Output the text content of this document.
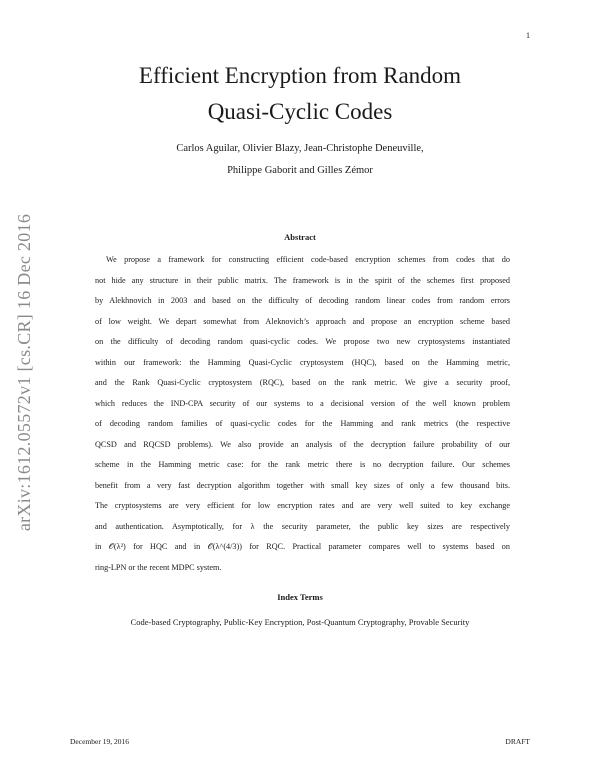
1
arXiv:1612.05572v1 [cs.CR] 16 Dec 2016
Efficient Encryption from Random
Quasi-Cyclic Codes
Carlos Aguilar, Olivier Blazy, Jean-Christophe Deneuville,
Philippe Gaborit and Gilles Zémor
Abstract
We propose a framework for constructing efficient code-based encryption schemes from codes that do
not hide any structure in their public matrix. The framework is in the spirit of the schemes first proposed
by Alekhnovich in 2003 and based on the difficulty of decoding random linear codes from random errors
of low weight. We depart somewhat from Aleknovich’s approach and propose an encryption scheme based
on the difficulty of decoding random quasi-cyclic codes. We propose two new cryptosystems instantiated
within our framework: the Hamming Quasi-Cyclic cryptosystem (HQC), based on the Hamming metric,
and the Rank Quasi-Cyclic cryptosystem (RQC), based on the rank metric. We give a security proof,
which reduces the IND-CPA security of our systems to a decisional version of the well known problem
of decoding random families of quasi-cyclic codes for the Hamming and rank metrics (the respective
QCSD and RQCSD problems). We also provide an analysis of the decryption failure probability of our
scheme in the Hamming metric case: for the rank metric there is no decryption failure. Our schemes
benefit from a very fast decryption algorithm together with small key sizes of only a few thousand bits.
The cryptosystems are very efficient for low encryption rates and are very well suited to key exchange
and authentication. Asymptotically, for λ the security parameter, the public key sizes are respectively
in 𝒪(λ²) for HQC and in 𝒪(λ^(4/3)) for RQC. Practical parameter compares well to systems based on
ring-LPN or the recent MDPC system.
Index Terms
Code-based Cryptography, Public-Key Encryption, Post-Quantum Cryptography, Provable Security
December 19, 2016	DRAFT
